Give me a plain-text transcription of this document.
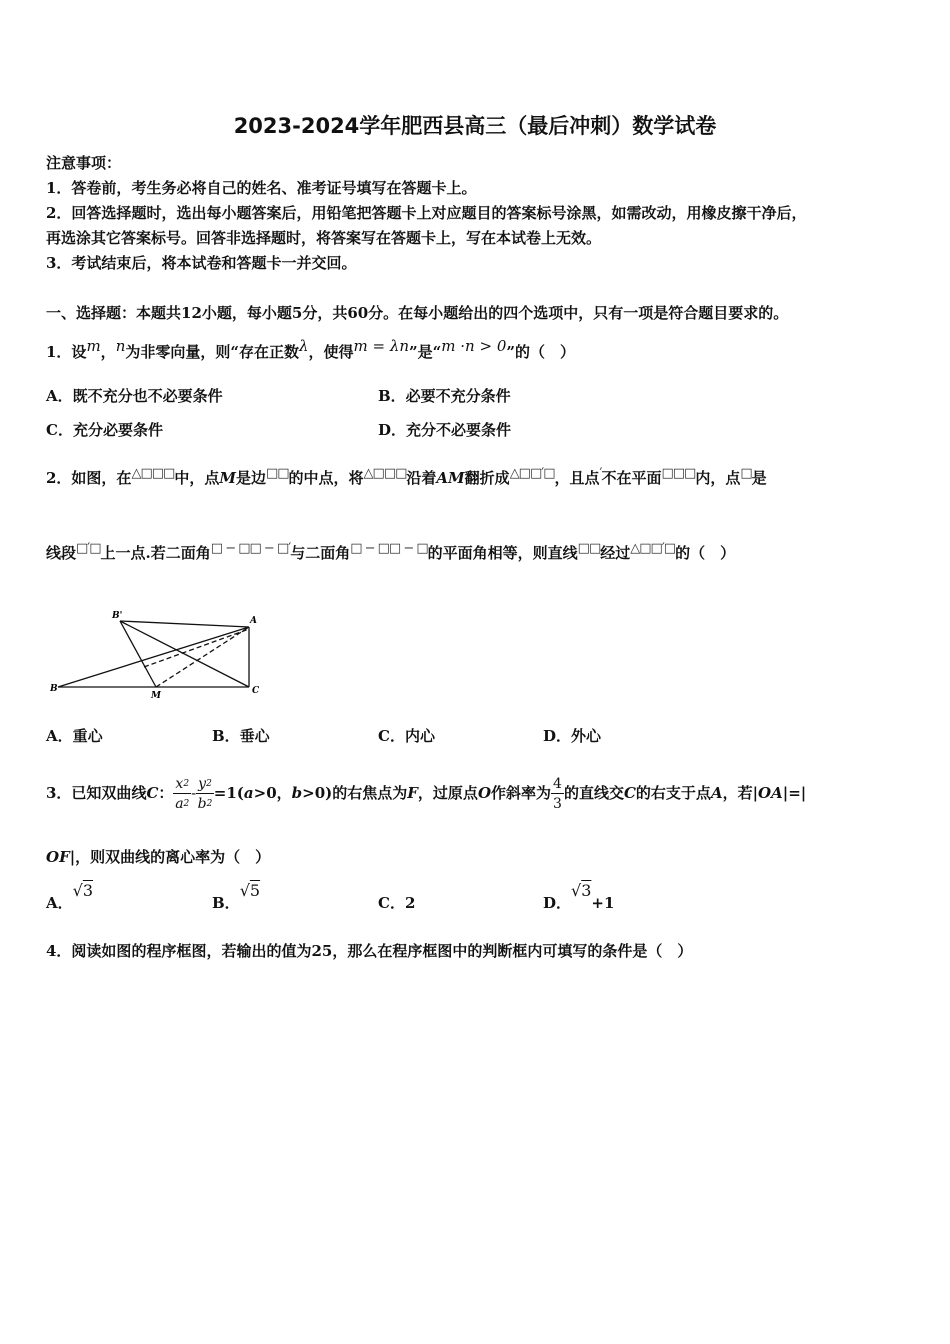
2023-2024学年肥西县高三（最后冲刺）数学试卷
注意事项：
1．答卷前，考生务必将自己的姓名、准考证号填写在答题卡上。
2．回答选择题时，选出每小题答案后，用铅笔把答题卡上对应题目的答案标号涂黑，如需改动，用橡皮擦干净后，
再选涂其它答案标号。回答非选择题时，将答案写在答题卡上，写在本试卷上无效。
3．考试结束后，将本试卷和答题卡一并交回。
一、选择题：本题共12小题，每小题5分，共60分。在每小题给出的四个选项中，只有一项是符合题目要求的。
1．设$^m$，$^n$为非零向量，则“存在正数$^\lambda$，使得$^{m = \lambda n}$”是“$^{m \cdot n > 0}$”的（　）
A．既不充分也不必要条件	B．必要不充分条件
C．充分必要条件	D．充分不必要条件
2．如图，在△□□□中，点M是边□□的中点，将△□□□沿着AM翻折成△□□′□，且点′不在平面□□□内，点□是
线段□′□上一点.若二面角□ − □□ − □′与二面角□ − □□ − □的平面角相等，则直线□□经过△□□′□的（　）
B'	A
B
M	C
A．重心	B．垂心	C．内心	D．外心
3．已知双曲线C： $\frac{x^2}{a^2} - \frac{y^2}{b^2} =1(a>0$，b>0)的右焦点为F，过原点O作斜率为 $\frac{4}{3}$ 的直线交C的右支于点A，若|OA|=|
OF|，则双曲线的离心率为（　）
A．√3
B．√5
C．2	D．√3+1
4．阅读如图的程序框图，若输出的值为25，那么在程序框图中的判断框内可填写的条件是（　）
